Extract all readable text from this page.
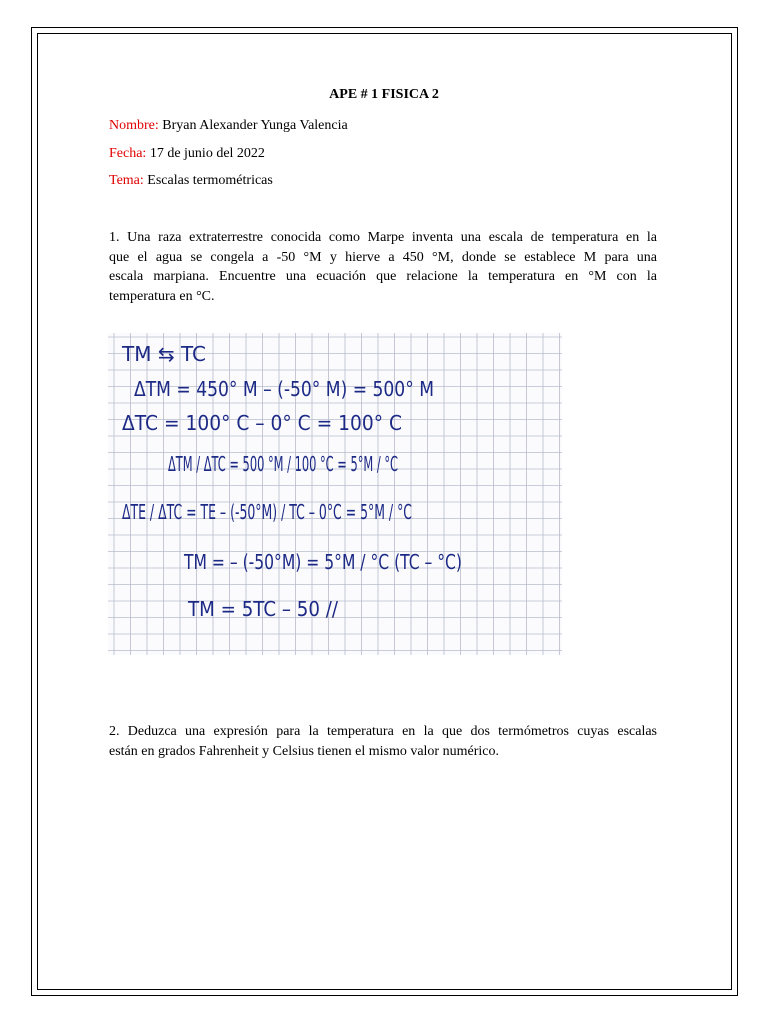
APE # 1 FISICA 2
Nombre: Bryan Alexander Yunga Valencia
Fecha: 17 de junio del 2022
Tema: Escalas termométricas
1. Una raza extraterrestre conocida como Marpe inventa una escala de temperatura en la
que el agua se congela a -50 °M y hierve a 450 °M, donde se establece M para una
escala marpiana. Encuentre una ecuación que relacione la temperatura en °M con la
temperatura en °C.
TM ⇆ TC
ΔTM = 450° M – (-50° M) = 500° M
ΔTC = 100° C – 0° C = 100° C
ΔTM / ΔTC = 500 °M / 100 °C = 5°M / °C
ΔTE / ΔTC = TE – (-50°M) / TC – 0°C = 5°M / °C
TM = – (-50°M) = 5°M / °C (TC – °C)
TM = 5TC – 50 //
2. Deduzca una expresión para la temperatura en la que dos termómetros cuyas escalas
están en grados Fahrenheit y Celsius tienen el mismo valor numérico.
